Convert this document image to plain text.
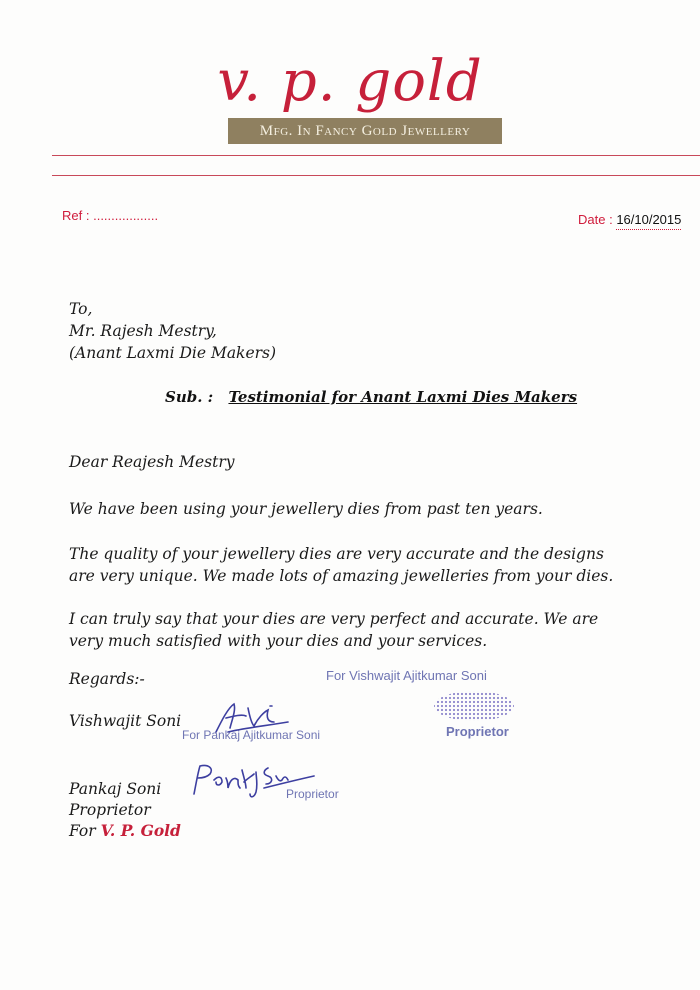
v. p. gold
Mfg. In Fancy Gold Jewellery
Ref : ..................	Date : 16/10/2015
To,
Mr. Rajesh Mestry,
(Anant Laxmi Die Makers)
Sub. : Testimonial for Anant Laxmi Dies Makers
Dear Reajesh Mestry
We have been using your jewellery dies from past ten years.
The quality of your jewellery dies are very accurate and the designs are very unique. We made lots of amazing jewelleries from your dies.
I can truly say that your dies are very perfect and accurate. We are very much satisfied with your dies and your services.
Regards:-
Vishwajit Soni
Pankaj Soni
Proprietor
For V. P. Gold
For Vishwajit Ajitkumar Soni
Proprietor
For Pankaj Ajitkumar Soni
Proprietor
